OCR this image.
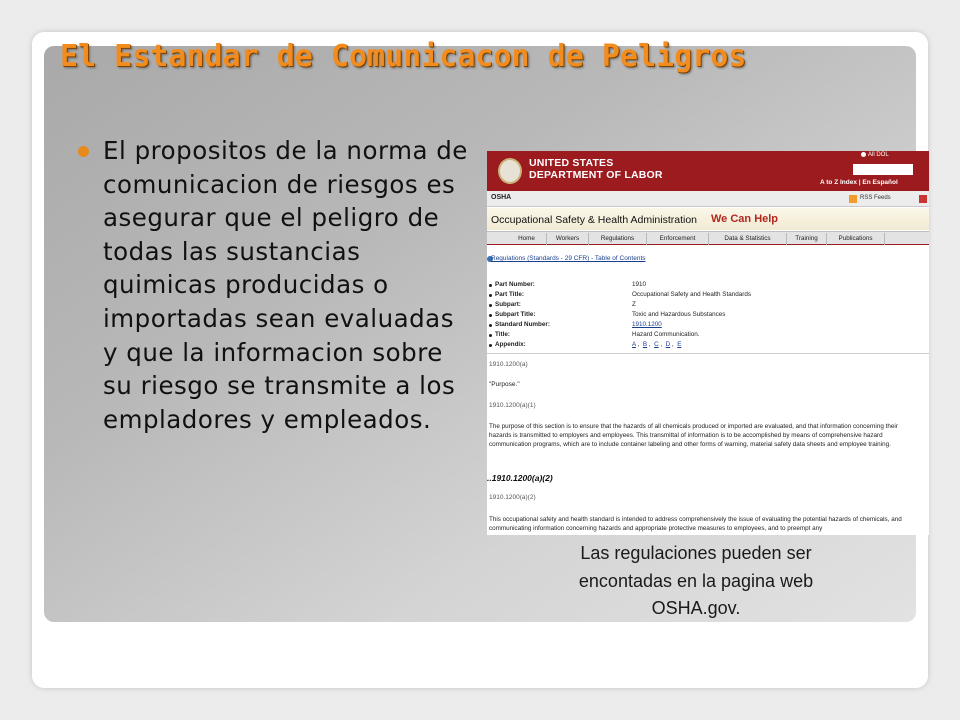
El Estandar de Comunicacon de Peligros
El propositos de la norma de comunicacion de riesgos es asegurar que el peligro de todas las sustancias quimicas producidas o importadas sean evaluadas y que la informacion sobre su riesgo se transmite a los empladores y empleados.
UNITED STATES
DEPARTMENT OF LABOR
All DOL
A to Z Index | En Español
OSHA	RSS Feeds
Occupational Safety & Health Administration We Can Help
Home	Workers	Regulations	Enforcement	Data & Statistics	Training	Publications
Regulations (Standards - 29 CFR) - Table of Contents
Part Number:	1910
Part Title:	Occupational Safety and Health Standards
Subpart:	Z
Subpart Title:	Toxic and Hazardous Substances
Standard Number:	1910.1200
Title:	Hazard Communication.
Appendix:	A ,  B ,  C ,  D ,  E
1910.1200(a)
"Purpose."
1910.1200(a)(1)
The purpose of this section is to ensure that the hazards of all chemicals produced or imported are evaluated, and that information concerning their hazards is transmitted to employers and employees. This transmittal of information is to be accomplished by means of comprehensive hazard communication programs, which are to include container labeling and other forms of warning, material safety data sheets and employee training.
..1910.1200(a)(2)
1910.1200(a)(2)
This occupational safety and health standard is intended to address comprehensively the issue of evaluating the potential hazards of chemicals, and communicating information concerning hazards and appropriate protective measures to employees, and to preempt any
Las regulaciones pueden ser encontadas en la pagina web OSHA.gov.
